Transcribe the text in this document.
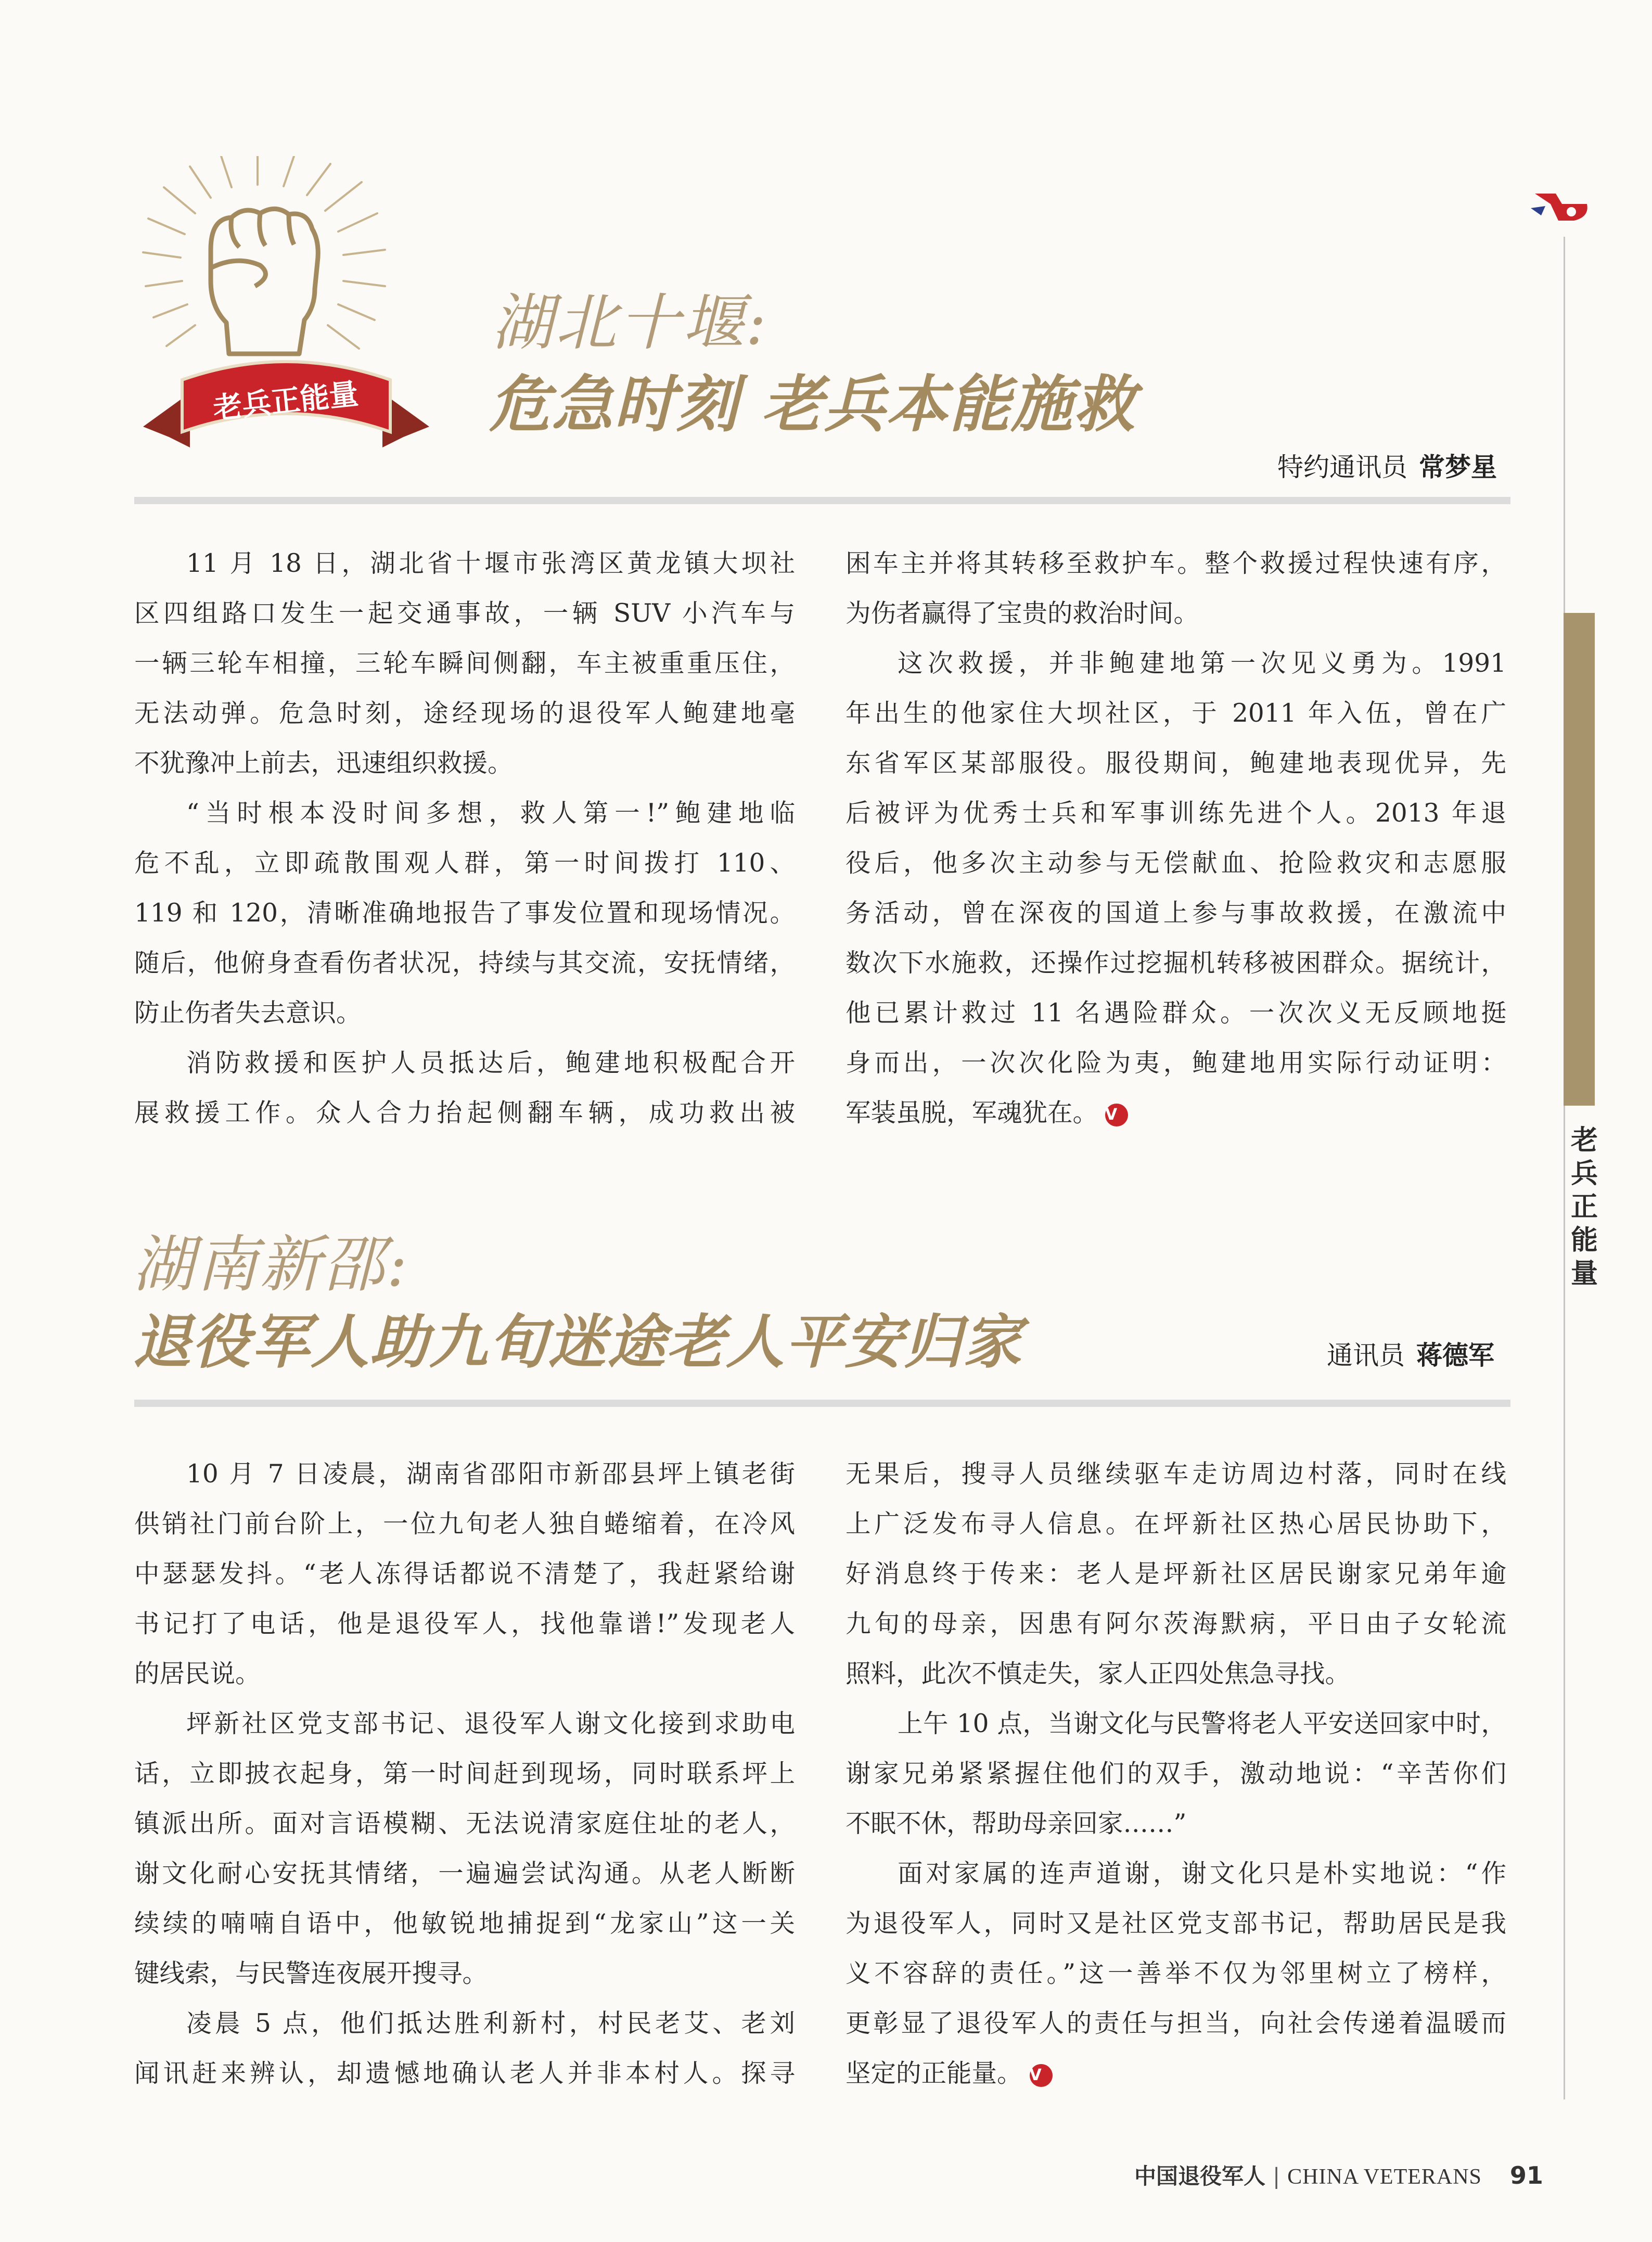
老兵正能量
湖北十堰:
危急时刻 老兵本能施救
特约通讯员 常梦星

11 月 18 日，湖北省十堰市张湾区黄龙镇大坝社

区四组路口发生一起交通事故，一辆 SUV 小汽车与

一辆三轮车相撞，三轮车瞬间侧翻，车主被重重压住，

无法动弹。危急时刻，途经现场的退役军人鲍建地毫

不犹豫冲上前去，迅速组织救援。

“当时根本没时间多想，救人第一!”鲍建地临

危不乱，立即疏散围观人群，第一时间拨打 110、

119 和 120，清晰准确地报告了事发位置和现场情况。

随后，他俯身查看伤者状况，持续与其交流，安抚情绪，

防止伤者失去意识。

消防救援和医护人员抵达后，鲍建地积极配合开

展救援工作。众人合力抬起侧翻车辆，成功救出被

困车主并将其转移至救护车。整个救援过程快速有序，

为伤者赢得了宝贵的救治时间。

这次救援，并非鲍建地第一次见义勇为。1991

年出生的他家住大坝社区，于 2011 年入伍，曾在广

东省军区某部服役。服役期间，鲍建地表现优异，先

后被评为优秀士兵和军事训练先进个人。2013 年退

役后，他多次主动参与无偿献血、抢险救灾和志愿服

务活动，曾在深夜的国道上参与事故救援，在激流中

数次下水施救，还操作过挖掘机转移被困群众。据统计，

他已累计救过 11 名遇险群众。一次次义无反顾地挺

身而出，一次次化险为夷，鲍建地用实际行动证明：

军装虽脱，军魂犹在。 V

湖南新邵:
退役军人助九旬迷途老人平安归家	通讯员 蒋德军

10 月 7 日凌晨，湖南省邵阳市新邵县坪上镇老街

供销社门前台阶上，一位九旬老人独自蜷缩着，在冷风

中瑟瑟发抖。“老人冻得话都说不清楚了，我赶紧给谢

书记打了电话，他是退役军人，找他靠谱!”发现老人

的居民说。

坪新社区党支部书记、退役军人谢文化接到求助电

话，立即披衣起身，第一时间赶到现场，同时联系坪上

镇派出所。面对言语模糊、无法说清家庭住址的老人，

谢文化耐心安抚其情绪，一遍遍尝试沟通。从老人断断

续续的喃喃自语中，他敏锐地捕捉到“龙家山”这一关

键线索，与民警连夜展开搜寻。

凌晨 5 点，他们抵达胜利新村，村民老艾、老刘

闻讯赶来辨认，却遗憾地确认老人并非本村人。探寻

无果后，搜寻人员继续驱车走访周边村落，同时在线

上广泛发布寻人信息。在坪新社区热心居民协助下，

好消息终于传来：老人是坪新社区居民谢家兄弟年逾

九旬的母亲，因患有阿尔茨海默病，平日由子女轮流

照料，此次不慎走失，家人正四处焦急寻找。

上午 10 点，当谢文化与民警将老人平安送回家中时，

谢家兄弟紧紧握住他们的双手，激动地说：“辛苦你们

不眠不休，帮助母亲回家……”

面对家属的连声道谢，谢文化只是朴实地说：“作

为退役军人，同时又是社区党支部书记，帮助居民是我

义不容辞的责任。”这一善举不仅为邻里树立了榜样，

更彰显了退役军人的责任与担当，向社会传递着温暖而

坚定的正能量。 V

老
兵
正
能
量
中国退役军人 | CHINA VETERANS 91
